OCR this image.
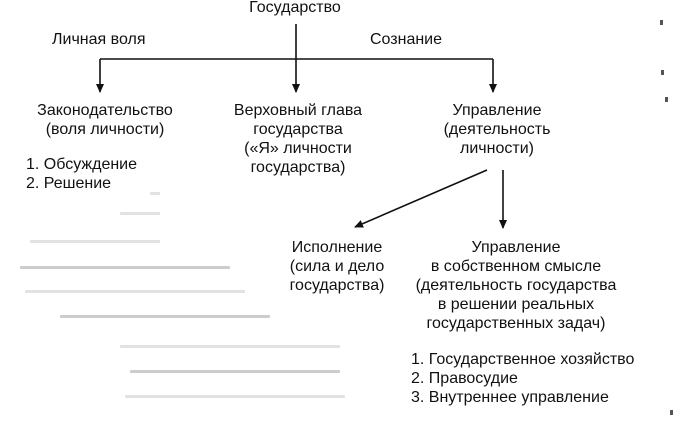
Государство
Личная воля	Сознание
Законодательство
(воля личности)
1. Обсуждение
2. Решение
Верховный глава
государства
(«Я» личности
государства)
Управление
(деятельность
личности)
Исполнение
(сила и дело
государства)
Управление
в собственном смысле
(деятельность государства
в решении реальных
государственных задач)
1. Государственное хозяйство
2. Правосудие
3. Внутреннее управление
